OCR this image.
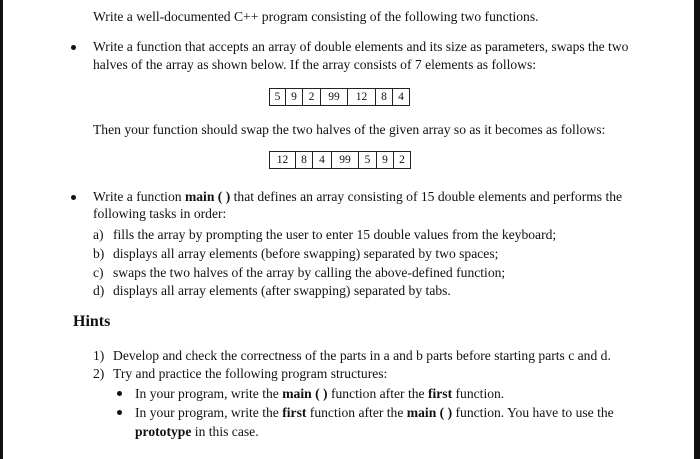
Write a well-documented C++ program consisting of the following two functions.
Write a function that accepts an array of double elements and its size as parameters, swaps the two
halves of the array as shown below. If the array consists of 7 elements as follows:
5 9	2	99	12	8 4
Then your function should swap the two halves of the given array so as it becomes as follows:
12	8	4	99	5	9 2
Write a function main ( ) that defines an array consisting of 15 double elements and performs the
following tasks in order:
a) fills the array by prompting the user to enter 15 double values from the keyboard;
b) displays all array elements (before swapping) separated by two spaces;
c) swaps the two halves of the array by calling the above-defined function;
d) displays all array elements (after swapping) separated by tabs.
Hints
1) Develop and check the correctness of the parts in a and b parts before starting parts c and d.
2) Try and practice the following program structures:
In your program, write the main ( ) function after the first function.
In your program, write the first function after the main ( ) function. You have to use the
prototype in this case.
